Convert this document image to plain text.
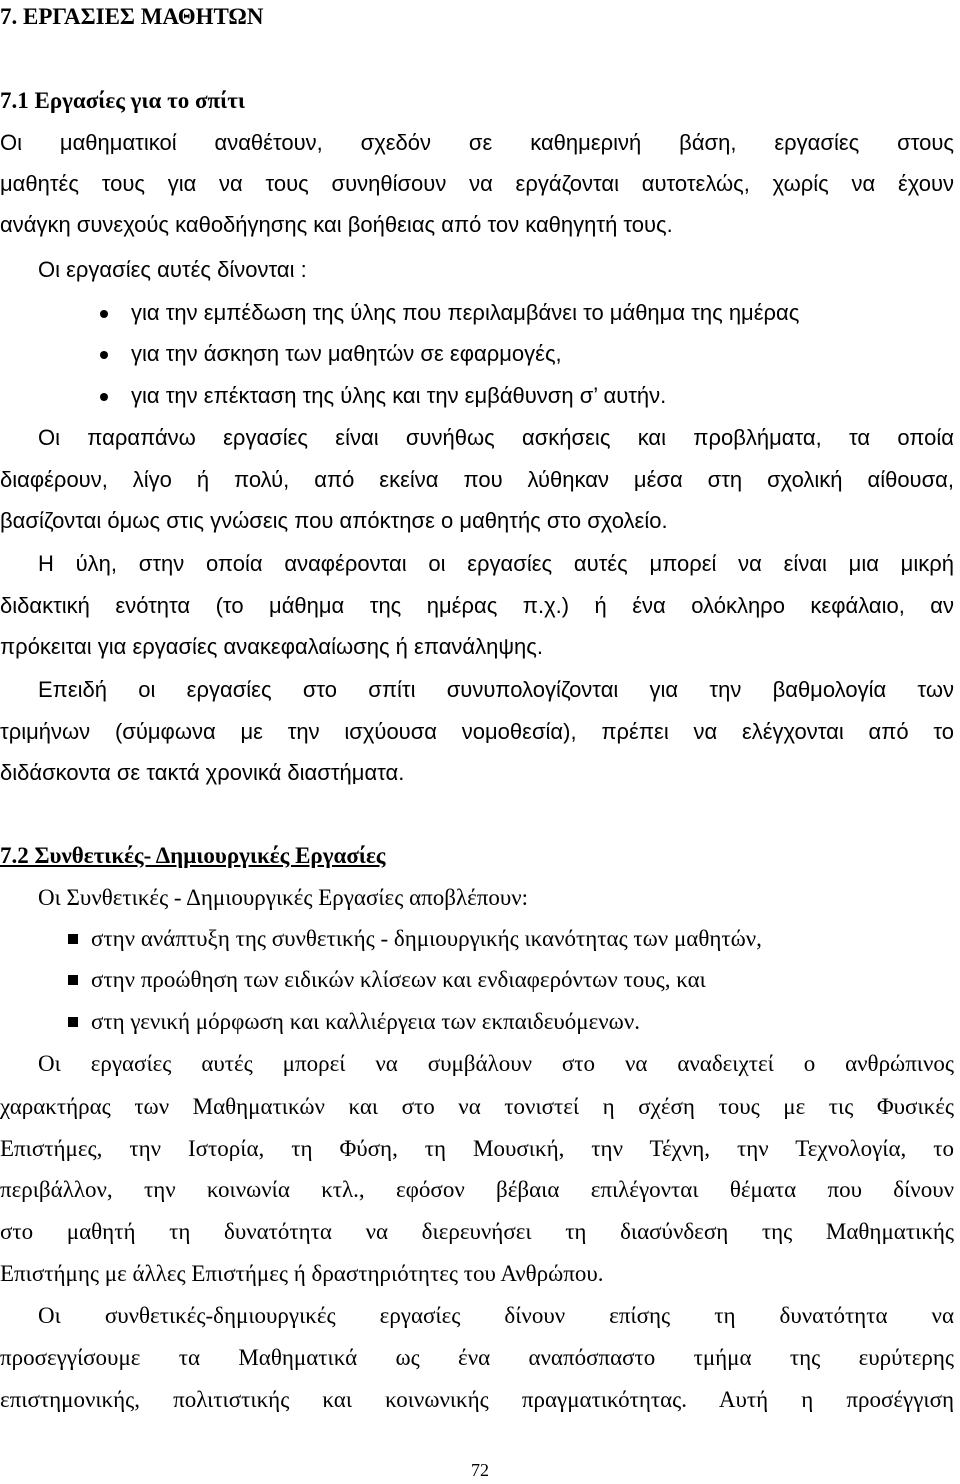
7. ΕΡΓΑΣΙΕΣ ΜΑΘΗΤΩΝ
7.1 Εργασίες για το σπίτι
Οι μαθηματικοί αναθέτουν, σχεδόν σε καθημερινή βάση, εργασίες στους
μαθητές τους για να τους συνηθίσουν να εργάζονται αυτοτελώς, χωρίς να έχουν
ανάγκη συνεχούς καθοδήγησης και βοήθειας από τον καθηγητή τους.
Οι εργασίες αυτές δίνονται :
για την εμπέδωση της ύλης που περιλαμβάνει το μάθημα της ημέρας
για την άσκηση των μαθητών σε εφαρμογές,
για την επέκταση της ύλης και την εμβάθυνση σ’ αυτήν.
Οι παραπάνω εργασίες είναι συνήθως ασκήσεις και προβλήματα, τα οποία
διαφέρουν, λίγο ή πολύ, από εκείνα που λύθηκαν μέσα στη σχολική αίθουσα,
βασίζονται όμως στις γνώσεις που απόκτησε ο μαθητής στο σχολείο.
Η ύλη, στην οποία αναφέρονται οι εργασίες αυτές μπορεί να είναι μια μικρή
διδακτική ενότητα (το μάθημα της ημέρας π.χ.) ή ένα ολόκληρο κεφάλαιο, αν
πρόκειται για εργασίες ανακεφαλαίωσης ή επανάληψης.
Επειδή οι εργασίες στο σπίτι συνυπολογίζονται για την βαθμολογία των
τριμήνων (σύμφωνα με την ισχύουσα νομοθεσία), πρέπει να ελέγχονται από το
διδάσκοντα σε τακτά χρονικά διαστήματα.
7.2 Συνθετικές- Δημιουργικές Εργασίες
Οι Συνθετικές - Δημιουργικές Εργασίες αποβλέπουν:
στην ανάπτυξη της συνθετικής - δημιουργικής ικανότητας των μαθητών,
στην προώθηση των ειδικών κλίσεων και ενδιαφερόντων τους, και
στη γενική μόρφωση και καλλιέργεια των εκπαιδευόμενων.
Οι εργασίες αυτές μπορεί να συμβάλουν στο να αναδειχτεί ο ανθρώπινος
χαρακτήρας των Μαθηματικών και στο να τονιστεί η σχέση τους με τις Φυσικές
Επιστήμες, την Ιστορία, τη Φύση, τη Μουσική, την Τέχνη, την Τεχνολογία, το
περιβάλλον, την κοινωνία κτλ., εφόσον βέβαια επιλέγονται θέματα που δίνουν
στο μαθητή τη δυνατότητα να διερευνήσει τη διασύνδεση της Μαθηματικής
Επιστήμης με άλλες Επιστήμες ή δραστηριότητες του Ανθρώπου.
Οι συνθετικές-δημιουργικές εργασίες δίνουν επίσης τη δυνατότητα να
προσεγγίσουμε τα Μαθηματικά ως ένα αναπόσπαστο τμήμα της ευρύτερης
επιστημονικής, πολιτιστικής και κοινωνικής πραγματικότητας. Αυτή η προσέγγιση
72
